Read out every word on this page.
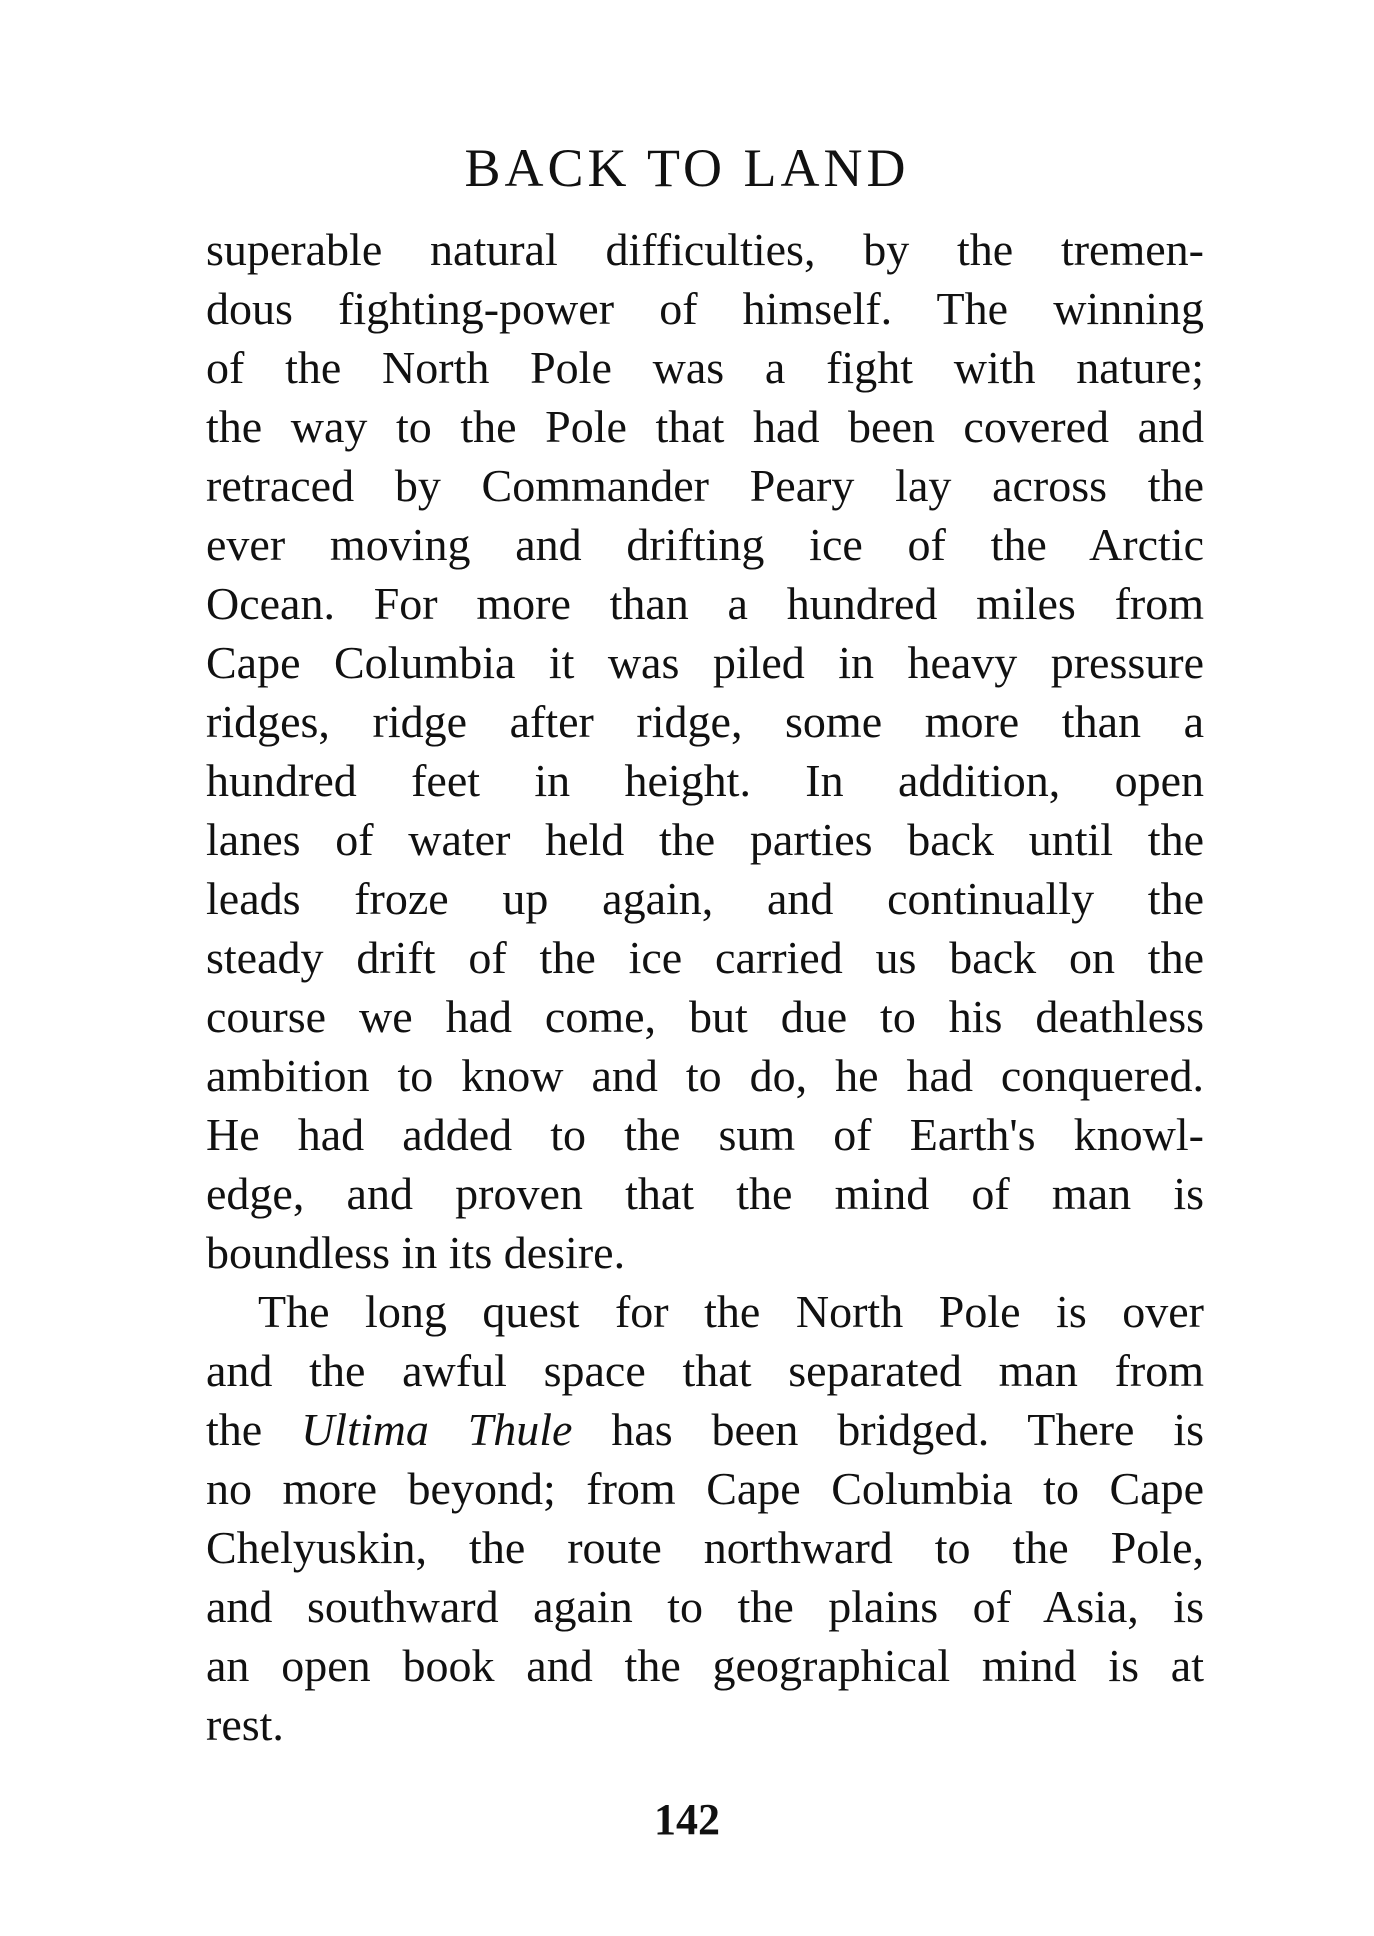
BACK TO LAND
superable natural difficulties, by the tremen-
dous fighting-power of himself. The winning
of the North Pole was a fight with nature;
the way to the Pole that had been covered and
retraced by Commander Peary lay across the
ever moving and drifting ice of the Arctic
Ocean. For more than a hundred miles from
Cape Columbia it was piled in heavy pressure
ridges, ridge after ridge, some more than a
hundred feet in height. In addition, open
lanes of water held the parties back until the
leads froze up again, and continually the
steady drift of the ice carried us back on the
course we had come, but due to his deathless
ambition to know and to do, he had conquered.
He had added to the sum of Earth's knowl-
edge, and proven that the mind of man is
boundless in its desire.
The long quest for the North Pole is over
and the awful space that separated man from
the Ultima Thule has been bridged. There is
no more beyond; from Cape Columbia to Cape
Chelyuskin, the route northward to the Pole,
and southward again to the plains of Asia, is
an open book and the geographical mind is at
rest.
142
